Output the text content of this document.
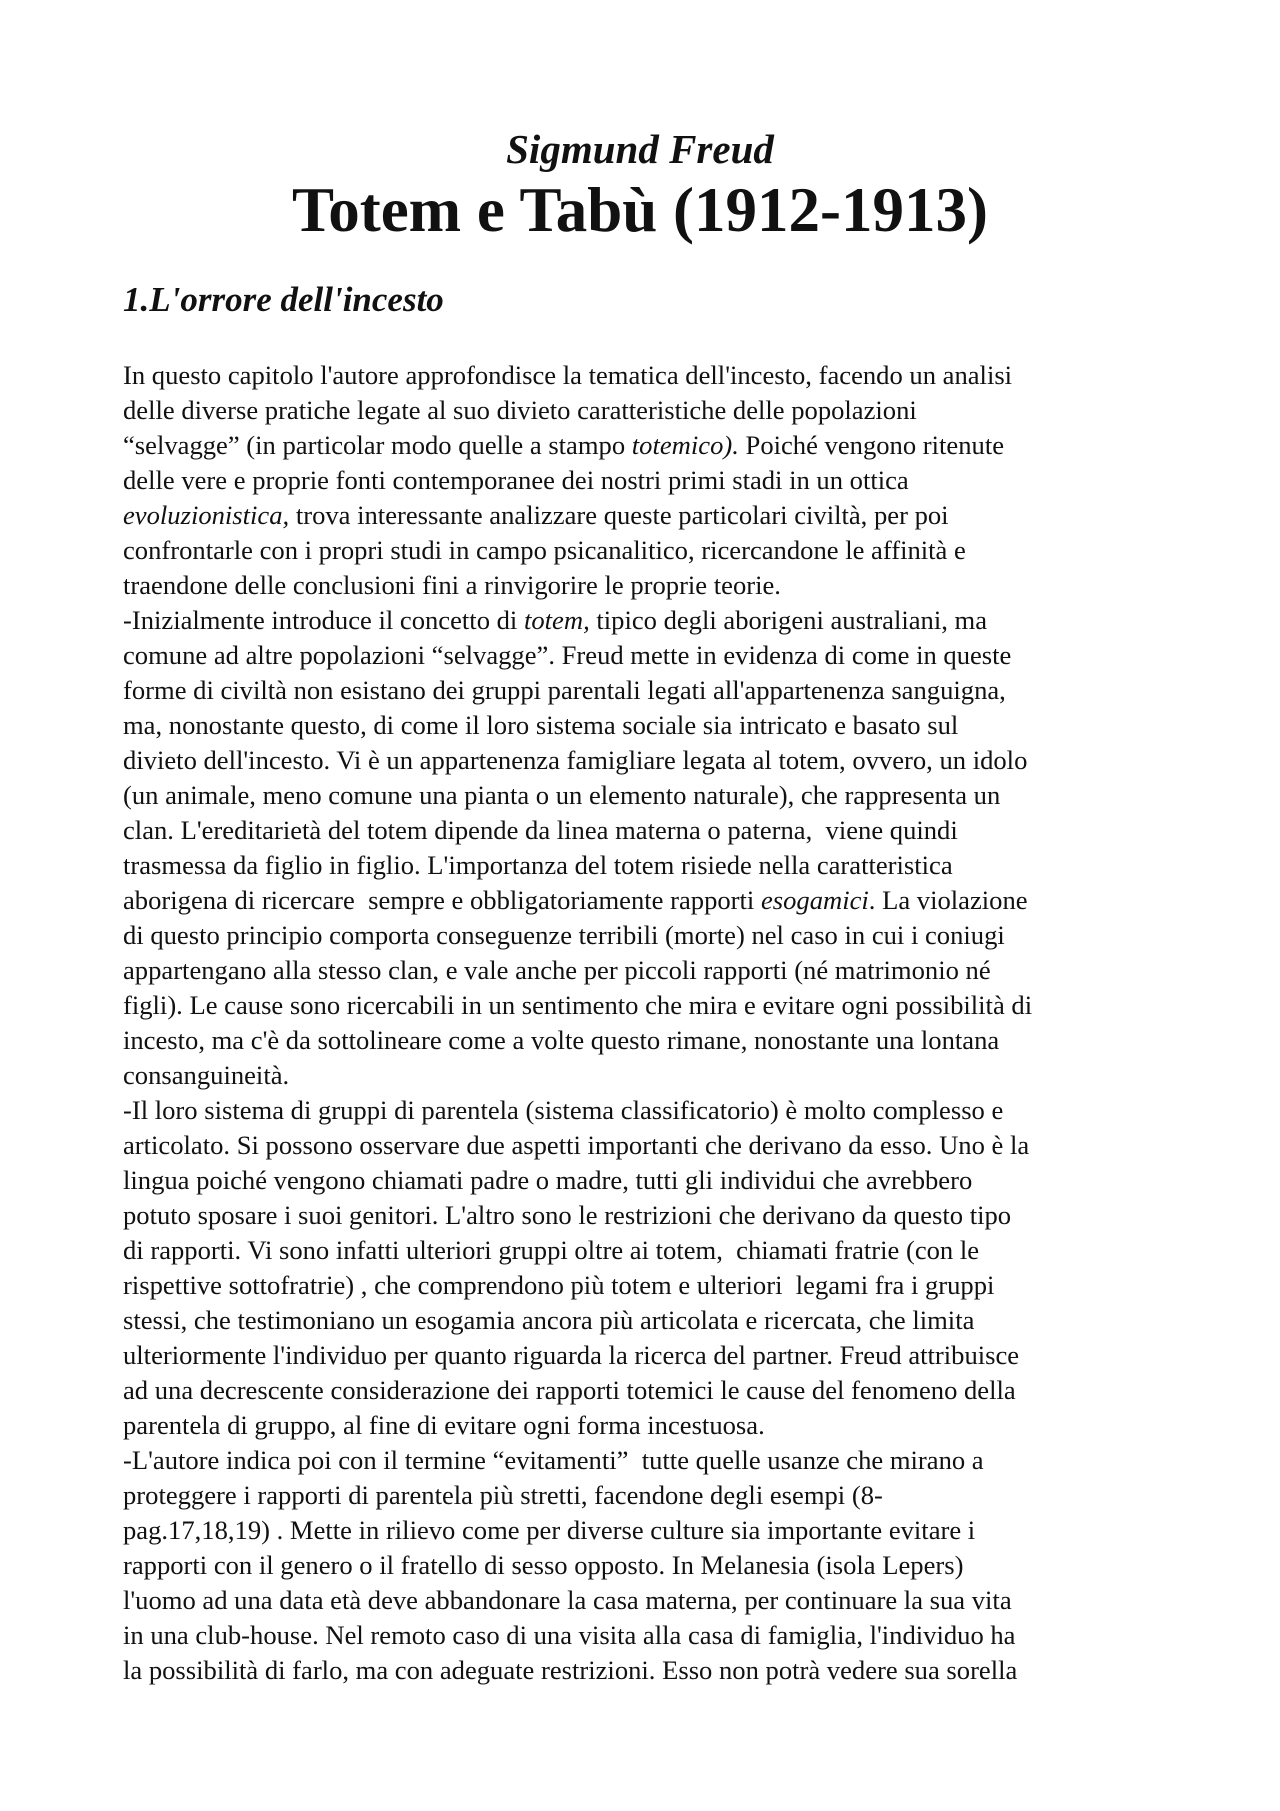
Sigmund Freud
Totem e Tabù (1912-1913)
1.L'orrore dell'incesto
In questo capitolo l'autore approfondisce la tematica dell'incesto, facendo un analisi
delle diverse pratiche legate al suo divieto caratteristiche delle popolazioni
“selvagge” (in particolar modo quelle a stampo totemico). Poiché vengono ritenute
delle vere e proprie fonti contemporanee dei nostri primi stadi in un ottica
evoluzionistica, trova interessante analizzare queste particolari civiltà, per poi
confrontarle con i propri studi in campo psicanalitico, ricercandone le affinità e
traendone delle conclusioni fini a rinvigorire le proprie teorie.
-Inizialmente introduce il concetto di totem, tipico degli aborigeni australiani, ma
comune ad altre popolazioni “selvagge”. Freud mette in evidenza di come in queste
forme di civiltà non esistano dei gruppi parentali legati all'appartenenza sanguigna,
ma, nonostante questo, di come il loro sistema sociale sia intricato e basato sul
divieto dell'incesto. Vi è un appartenenza famigliare legata al totem, ovvero, un idolo
(un animale, meno comune una pianta o un elemento naturale), che rappresenta un
clan. L'ereditarietà del totem dipende da linea materna o paterna,  viene quindi
trasmessa da figlio in figlio. L'importanza del totem risiede nella caratteristica
aborigena di ricercare  sempre e obbligatoriamente rapporti esogamici. La violazione
di questo principio comporta conseguenze terribili (morte) nel caso in cui i coniugi
appartengano alla stesso clan, e vale anche per piccoli rapporti (né matrimonio né
figli). Le cause sono ricercabili in un sentimento che mira e evitare ogni possibilità di
incesto, ma c'è da sottolineare come a volte questo rimane, nonostante una lontana
consanguineità.
-Il loro sistema di gruppi di parentela (sistema classificatorio) è molto complesso e
articolato. Si possono osservare due aspetti importanti che derivano da esso. Uno è la
lingua poiché vengono chiamati padre o madre, tutti gli individui che avrebbero
potuto sposare i suoi genitori. L'altro sono le restrizioni che derivano da questo tipo
di rapporti. Vi sono infatti ulteriori gruppi oltre ai totem,  chiamati fratrie (con le
rispettive sottofratrie) , che comprendono più totem e ulteriori  legami fra i gruppi
stessi, che testimoniano un esogamia ancora più articolata e ricercata, che limita
ulteriormente l'individuo per quanto riguarda la ricerca del partner. Freud attribuisce
ad una decrescente considerazione dei rapporti totemici le cause del fenomeno della
parentela di gruppo, al fine di evitare ogni forma incestuosa.
-L'autore indica poi con il termine “evitamenti”  tutte quelle usanze che mirano a
proteggere i rapporti di parentela più stretti, facendone degli esempi (8-
pag.17,18,19) . Mette in rilievo come per diverse culture sia importante evitare i
rapporti con il genero o il fratello di sesso opposto. In Melanesia (isola Lepers)
l'uomo ad una data età deve abbandonare la casa materna, per continuare la sua vita
in una club-house. Nel remoto caso di una visita alla casa di famiglia, l'individuo ha
la possibilità di farlo, ma con adeguate restrizioni. Esso non potrà vedere sua sorella
